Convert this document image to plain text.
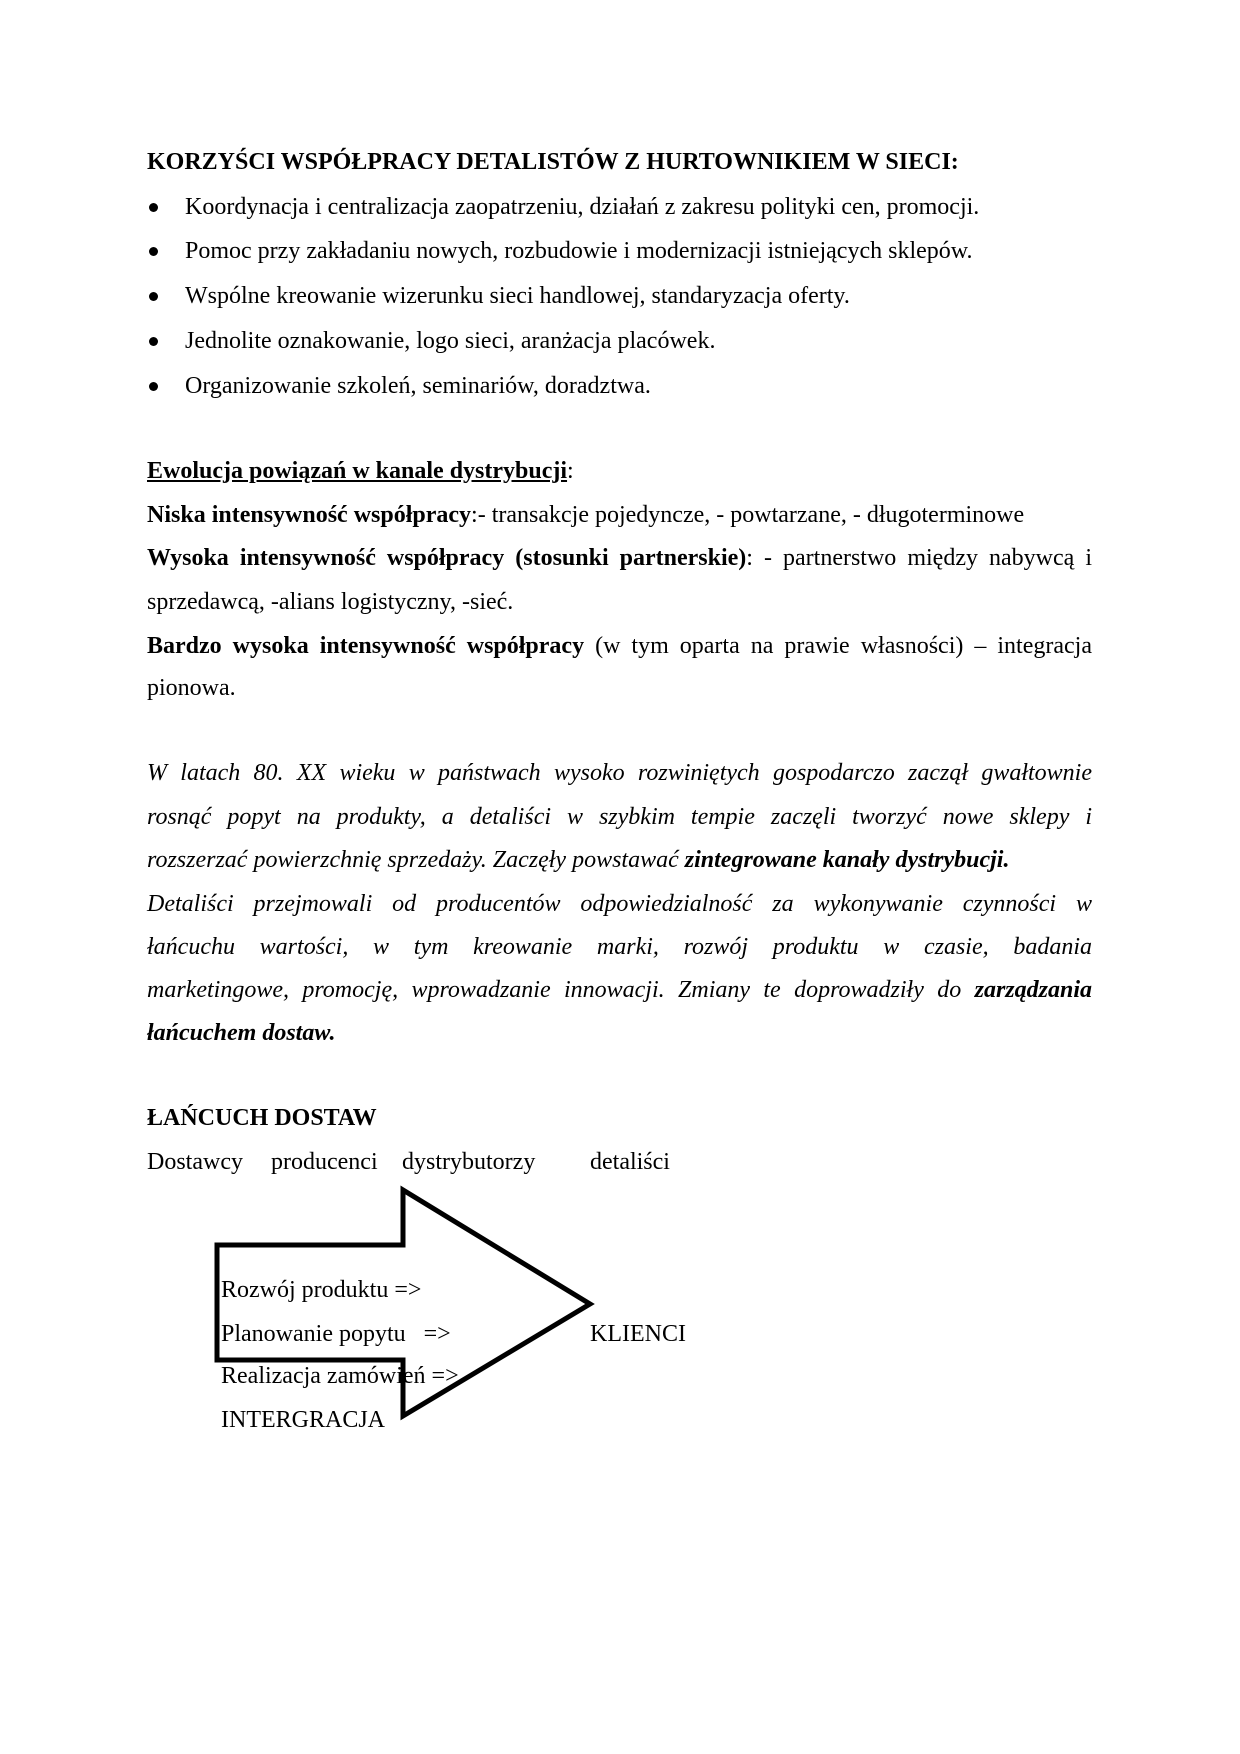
KORZYŚCI WSPÓŁPRACY DETALISTÓW Z HURTOWNIKIEM W SIECI:
Koordynacja i centralizacja zaopatrzeniu, działań z zakresu polityki cen, promocji.
Pomoc przy zakładaniu nowych, rozbudowie i modernizacji istniejących sklepów.
Wspólne kreowanie wizerunku sieci handlowej, standaryzacja oferty.
Jednolite oznakowanie, logo sieci, aranżacja placówek.
Organizowanie szkoleń, seminariów, doradztwa.
Ewolucja powiązań w kanale dystrybucji:
Niska intensywność współpracy:- transakcje pojedyncze, - powtarzane, - długoterminowe
Wysoka intensywność współpracy (stosunki partnerskie): - partnerstwo między nabywcą i
sprzedawcą, -alians logistyczny, -sieć.
Bardzo wysoka intensywność współpracy (w tym oparta na prawie własności) – integracja
pionowa.
W latach 80. XX wieku w państwach wysoko rozwiniętych gospodarczo zaczął gwałtownie
rosnąć popyt na produkty, a detaliści w szybkim tempie zaczęli tworzyć nowe sklepy i
rozszerzać powierzchnię sprzedaży. Zaczęły powstawać zintegrowane kanały dystrybucji.
Detaliści przejmowali od producentów odpowiedzialność za wykonywanie czynności w
łańcuchu wartości, w tym kreowanie marki, rozwój produktu w czasie, badania
marketingowe, promocję, wprowadzanie innowacji. Zmiany te doprowadziły do zarządzania
łańcuchem dostaw.
ŁAŃCUCH DOSTAW
Dostawcy producenci dystrybutorzy detaliści
Rozwój produktu =>
Planowanie popytu   =>
Realizacja zamówień =>
INTERGRACJA
KLIENCI
